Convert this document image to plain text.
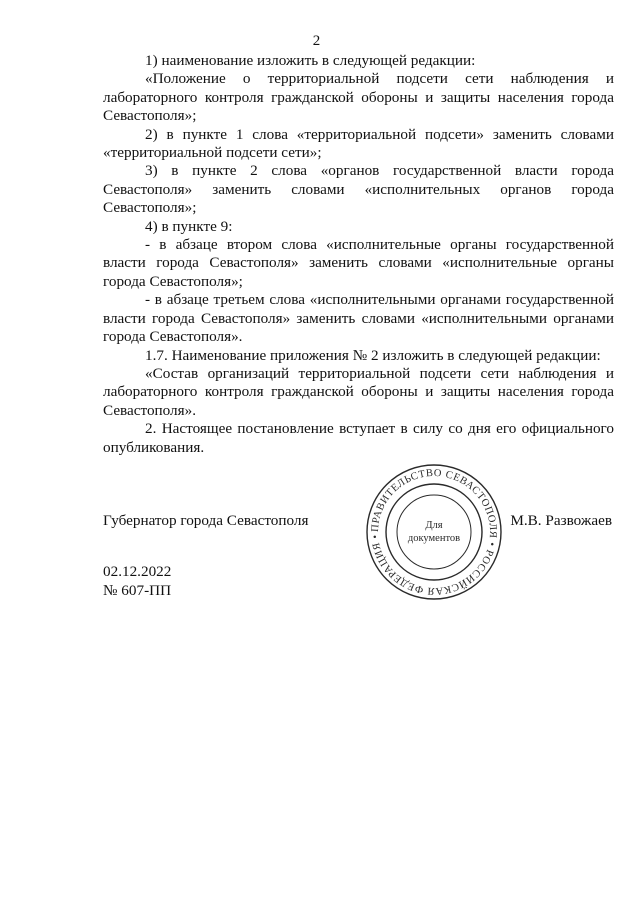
2

1) наименование изложить в следующей редакции:

«Положение о территориальной подсети сети наблюдения и лабораторного контроля гражданской обороны и защиты населения города Севастополя»;

2) в пункте 1 слова «территориальной подсети» заменить словами «территориальной подсети сети»;

3) в пункте 2 слова «органов государственной власти города Севастополя» заменить словами «исполнительных органов города Севастополя»;

4) в пункте 9:

- в абзаце втором слова «исполнительные органы государственной власти города Севастополя» заменить словами «исполнительные органы города Севастополя»;

- в абзаце третьем слова «исполнительными органами государственной власти города Севастополя» заменить словами «исполнительными органами города Севастополя».

1.7. Наименование приложения № 2 изложить в следующей редакции:

«Состав организаций территориальной подсети сети наблюдения и лабораторного контроля гражданской обороны и защиты населения города Севастополя».

2. Настоящее постановление вступает в силу со дня его официального опубликования.

Губернатор города Севастополя	М.В. Развожаев
ПРАВИТЕЛЬСТВО СЕВАСТОПОЛЯ • РОССИЙСКАЯ ФЕДЕРАЦИЯ •
Для
документов
02.12.2022
№ 607-ПП
